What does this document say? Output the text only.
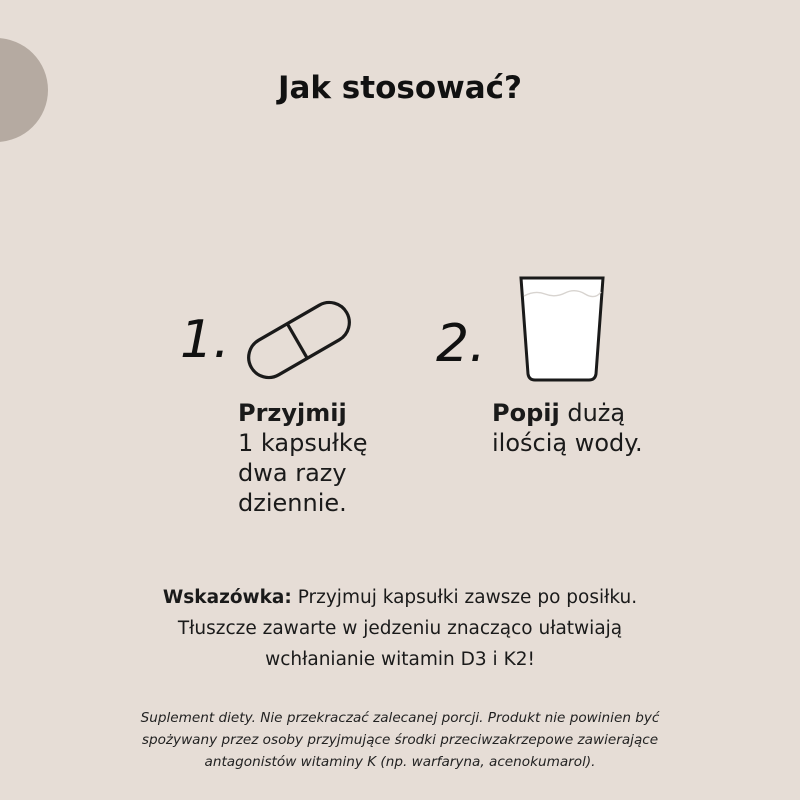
Jak stosować?
1.
Przyjmij
1 kapsułkę
dwa razy
dziennie.
2.
Popij dużą
ilością wody.
Wskazówka: Przyjmuj kapsułki zawsze po posiłku.
Tłuszcze zawarte w jedzeniu znacząco ułatwiają
wchłanianie witamin D3 i K2!
Suplement diety. Nie przekraczać zalecanej porcji. Produkt nie powinien być
spożywany przez osoby przyjmujące środki przeciwzakrzepowe zawierające
antagonistów witaminy K (np. warfaryna, acenokumarol).
